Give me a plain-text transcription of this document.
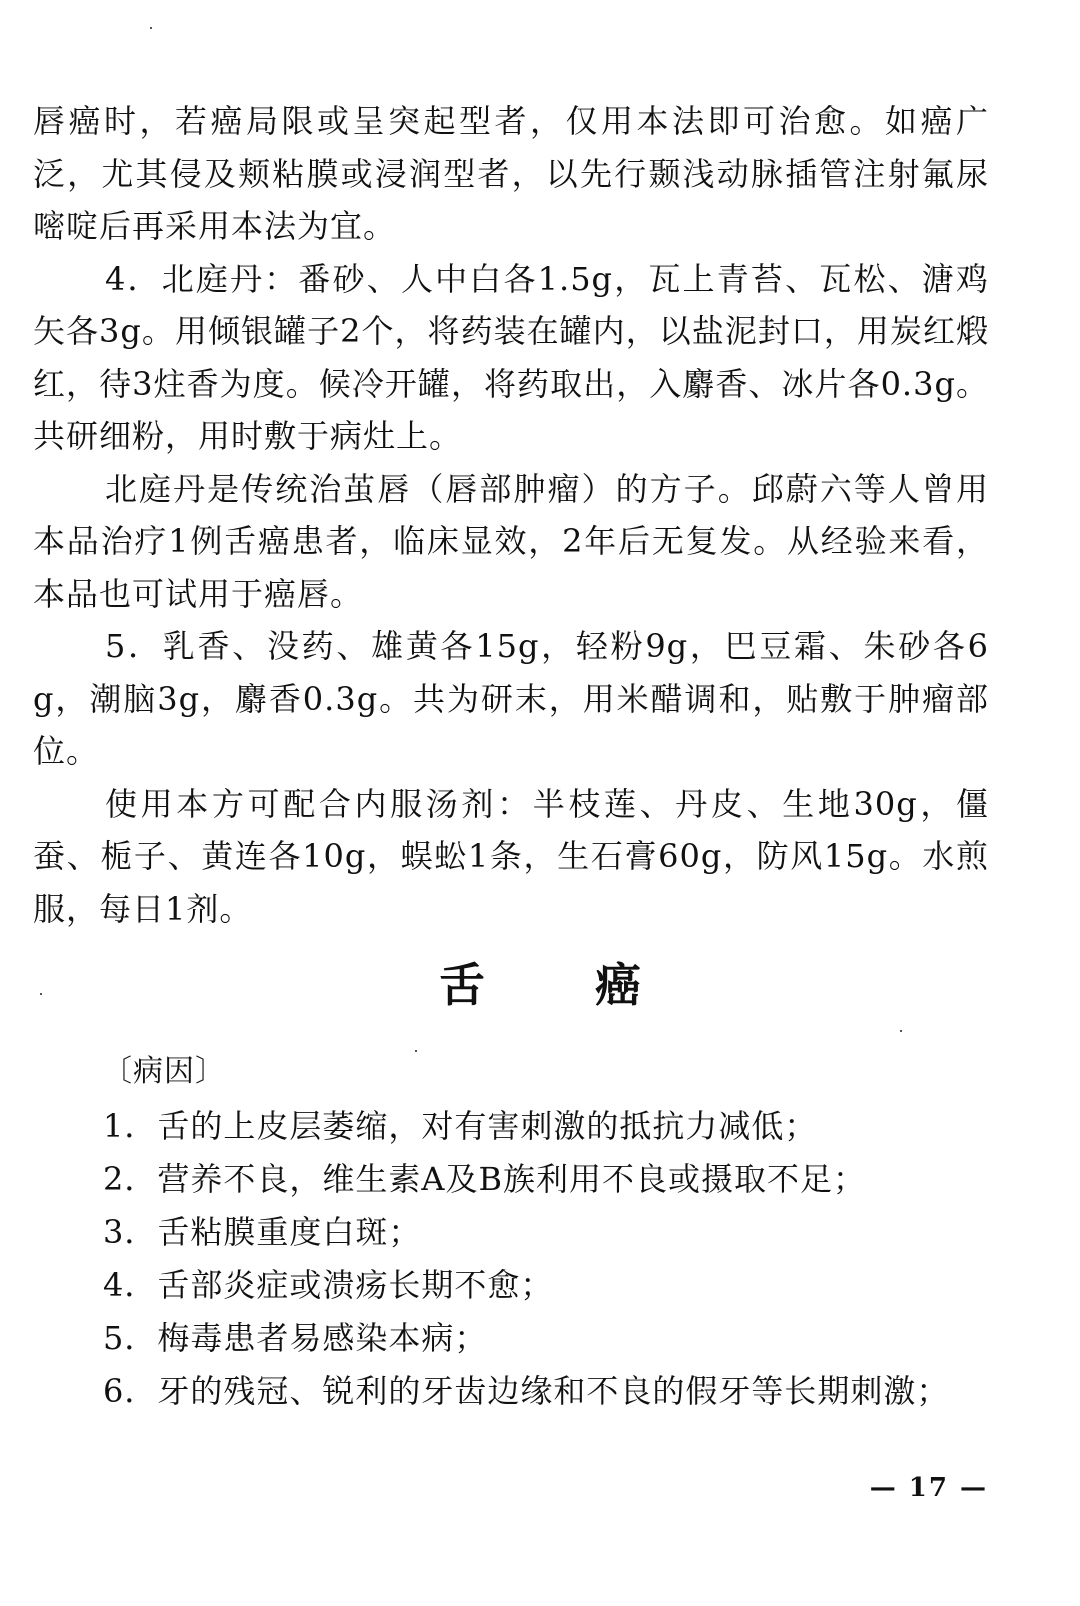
唇癌时，若癌局限或呈突起型者，仅用本法即可治愈。如癌广泛，尤其侵及颊粘膜或浸润型者，以先行颞浅动脉插管注射氟尿嘧啶后再采用本法为宜。

4．北庭丹：番砂、人中白各1.5g，瓦上青苔、瓦松、溏鸡矢各3g。用倾银罐子2个，将药装在罐内，以盐泥封口，用炭红煅红，待3炷香为度。候冷开罐，将药取出，入麝香、冰片各0.3g。共研细粉，用时敷于病灶上。

北庭丹是传统治茧唇（唇部肿瘤）的方子。邱蔚六等人曾用本品治疗1例舌癌患者，临床显效，2年后无复发。从经验来看，本品也可试用于癌唇。

5．乳香、没药、雄黄各15g，轻粉9g，巴豆霜、朱砂各6g，潮脑3g，麝香0.3g。共为研末，用米醋调和，贴敷于肿瘤部位。

使用本方可配合内服汤剂：半枝莲、丹皮、生地30g，僵蚕、栀子、黄连各10g，蜈蚣1条，生石膏60g，防风15g。水煎服，每日1剂。

舌癌
〔病因〕

1．舌的上皮层萎缩，对有害刺激的抵抗力减低；

2．营养不良，维生素A及B族利用不良或摄取不足；

3．舌粘膜重度白斑；

4．舌部炎症或溃疡长期不愈；

5．梅毒患者易感染本病；

6．牙的残冠、锐利的牙齿边缘和不良的假牙等长期刺激；

— 17 —
